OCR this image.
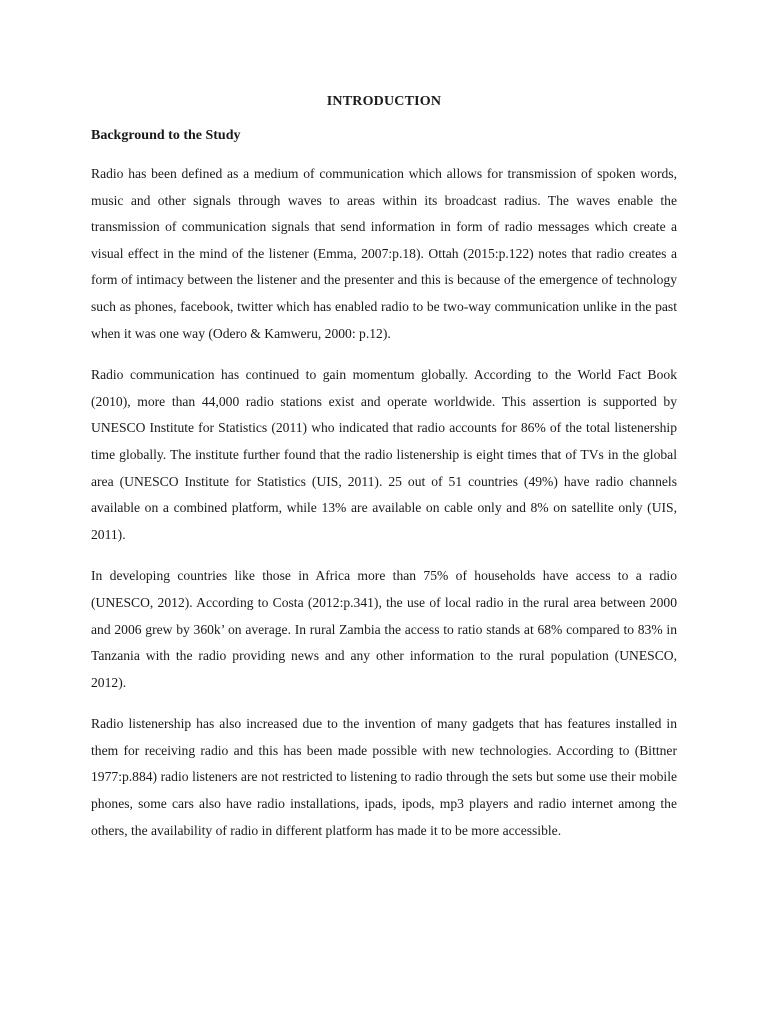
INTRODUCTION
Background to the Study

Radio has been defined as a medium of communication which allows for transmission of spoken words, music and other signals through waves to areas within its broadcast radius. The waves enable the transmission of communication signals that send information in form of radio messages which create a visual effect in the mind of the listener (Emma, 2007:p.18). Ottah (2015:p.122) notes that radio creates a form of intimacy between the listener and the presenter and this is because of the emergence of technology such as phones, facebook, twitter which has enabled radio to be two-way communication unlike in the past when it was one way (Odero & Kamweru, 2000: p.12).

Radio communication has continued to gain momentum globally. According to the World Fact Book (2010), more than 44,000 radio stations exist and operate worldwide. This assertion is supported by UNESCO Institute for Statistics (2011) who indicated that radio accounts for 86% of the total listenership time globally. The institute further found that the radio listenership is eight times that of TVs in the global area (UNESCO Institute for Statistics (UIS, 2011). 25 out of 51 countries (49%) have radio channels available on a combined platform, while 13% are available on cable only and 8% on satellite only (UIS, 2011).

In developing countries like those in Africa more than 75% of households have access to a radio (UNESCO, 2012). According to Costa (2012:p.341), the use of local radio in the rural area between 2000 and 2006 grew by 360k’ on average. In rural Zambia the access to ratio stands at 68% compared to 83% in Tanzania with the radio providing news and any other information to the rural population (UNESCO, 2012).

Radio listenership has also increased due to the invention of many gadgets that has features installed in them for receiving radio and this has been made possible with new technologies. According to (Bittner 1977:p.884) radio listeners are not restricted to listening to radio through the sets but some use their mobile phones, some cars also have radio installations, ipads, ipods, mp3 players and radio internet among the others, the availability of radio in different platform has made it to be more accessible.
